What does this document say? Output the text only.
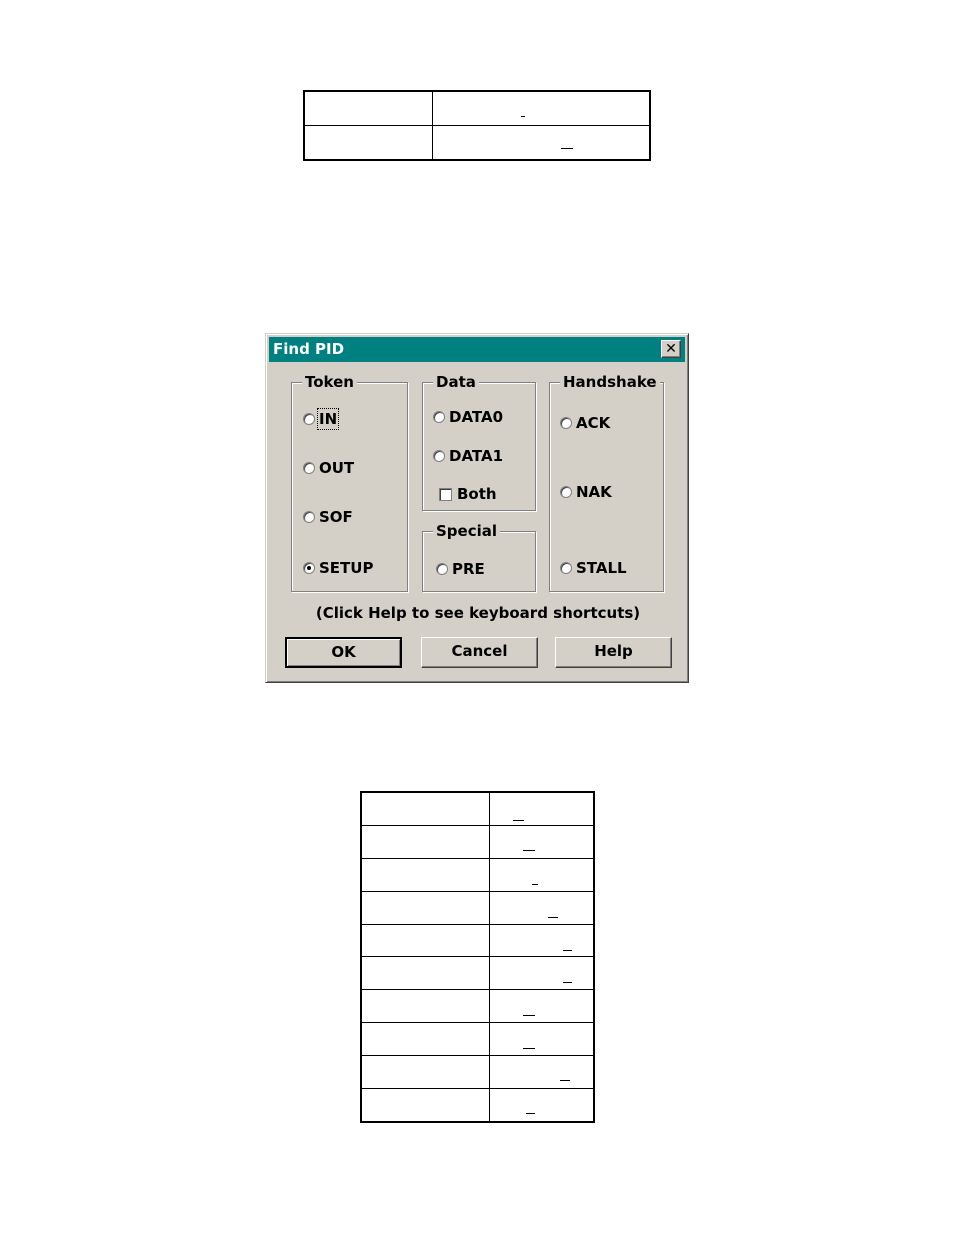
Find PID	✕
Token
IN
OUT
SOF
SETUP
Data
DATA0
DATA1
Both
Special
PRE
Handshake
ACK
NAK
STALL
(Click Help to see keyboard shortcuts)
OK	Cancel	Help
